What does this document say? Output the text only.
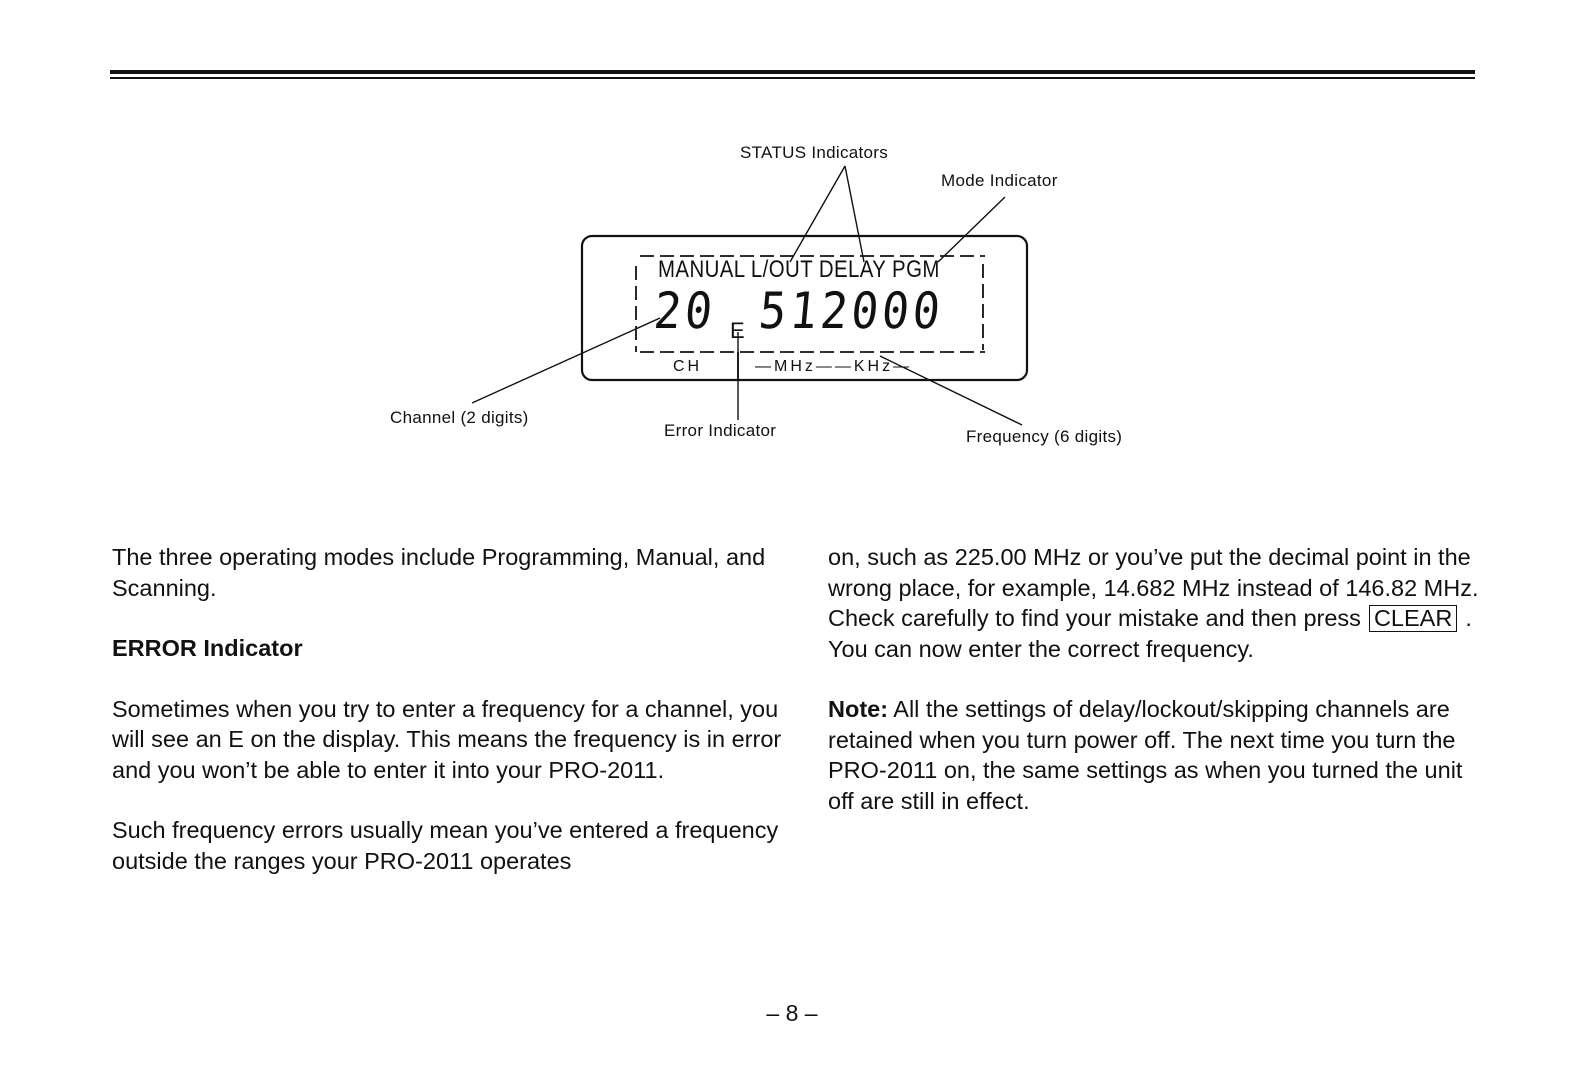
STATUS Indicators
Mode Indicator
Channel (2 digits)
Error Indicator	Frequency (6 digits)
MANUAL L/OUT DELAY PGM
20 E 512000
CH	—MHz——KHz—

The three operating modes include Programming, Manual, and Scanning.

ERROR Indicator

Sometimes when you try to enter a frequency for a channel, you will see an E on the display. This means the frequency is in error and you won’t be able to enter it into your PRO-2011.

Such frequency errors usually mean you’ve entered a frequency outside the ranges your PRO-2011 operates

on, such as 225.00 MHz or you’ve put the decimal point in the wrong place, for example, 14.682 MHz instead of 146.82 MHz. Check carefully to find your mistake and then press CLEAR . You can now enter the correct frequency.

Note: All the settings of delay/lockout/skipping channels are retained when you turn power off. The next time you turn the PRO-2011 on, the same settings as when you turned the unit off are still in effect.

– 8 –
